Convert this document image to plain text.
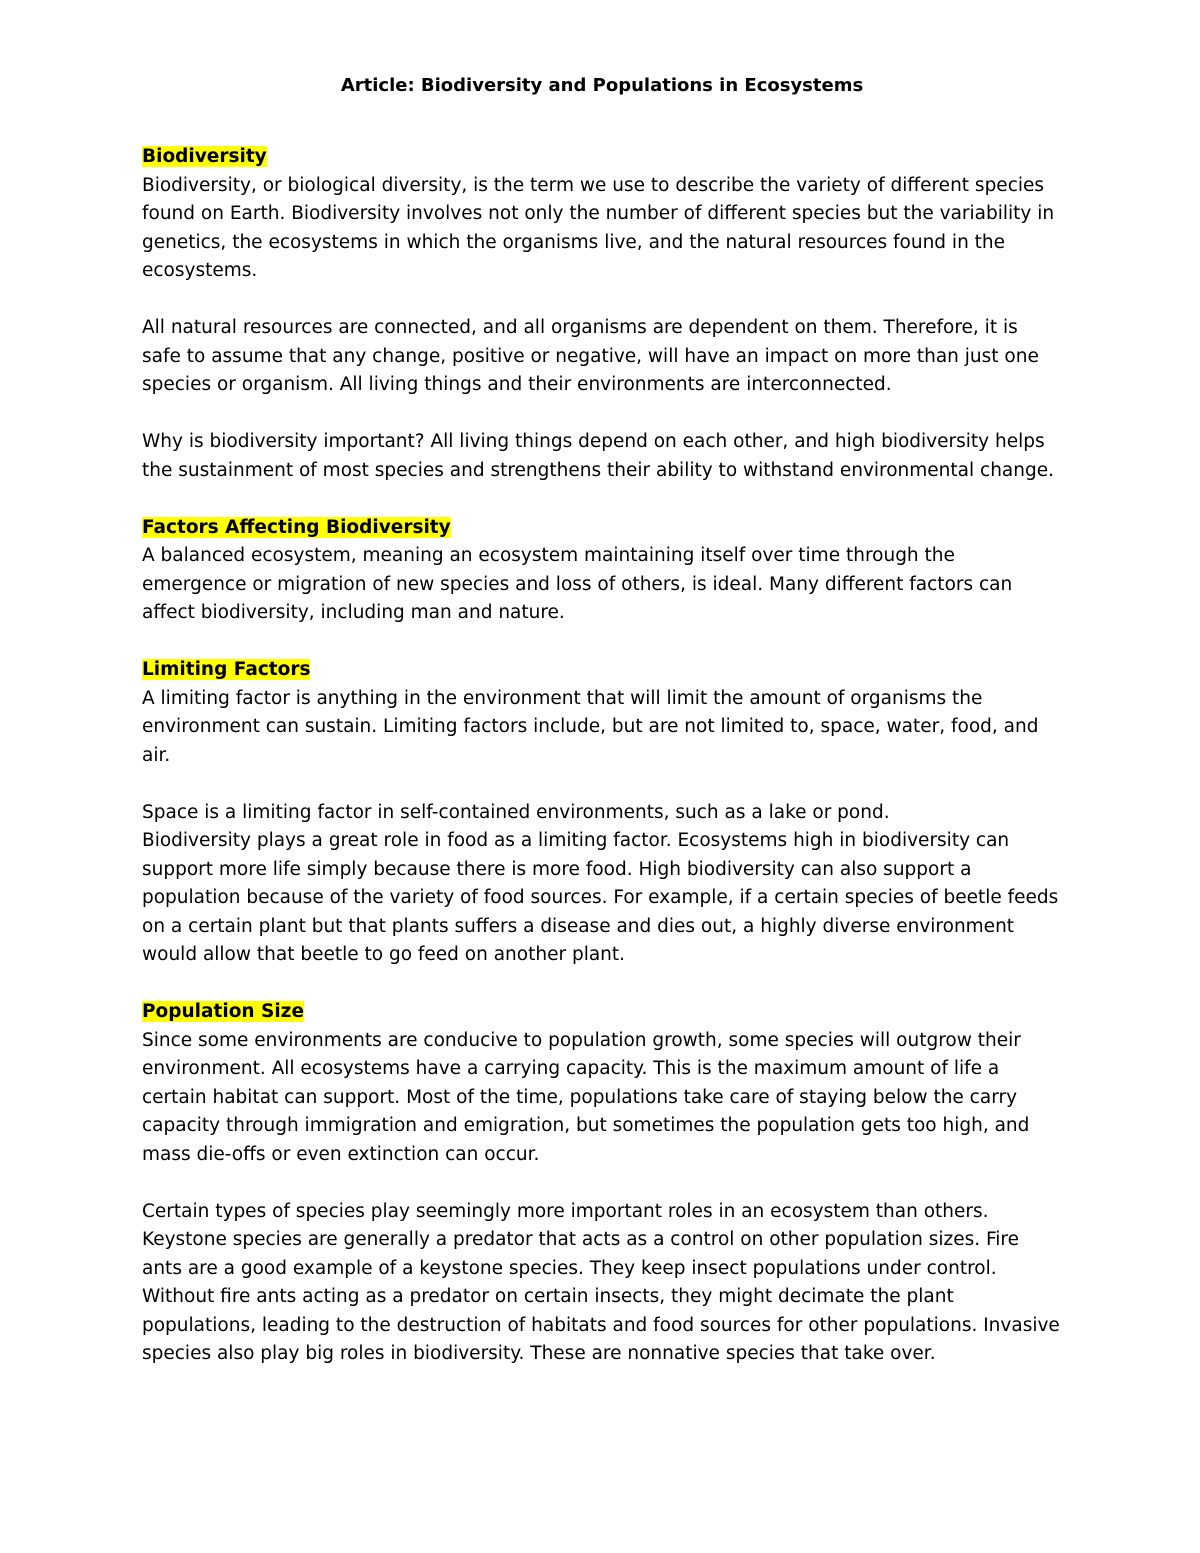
Article: Biodiversity and Populations in Ecosystems
Biodiversity

Biodiversity, or biological diversity, is the term we use to describe the variety of different species found on Earth. Biodiversity involves not only the number of different species but the variability in genetics, the ecosystems in which the organisms live, and the natural resources found in the ecosystems.

All natural resources are connected, and all organisms are dependent on them. Therefore, it is safe to assume that any change, positive or negative, will have an impact on more than just one species or organism. All living things and their environments are interconnected.

Why is biodiversity important? All living things depend on each other, and high biodiversity helps the sustainment of most species and strengthens their ability to withstand environmental change.

Factors Affecting Biodiversity

A balanced ecosystem, meaning an ecosystem maintaining itself over time through the emergence or migration of new species and loss of others, is ideal. Many different factors can affect biodiversity, including man and nature.

Limiting Factors

A limiting factor is anything in the environment that will limit the amount of organisms the environment can sustain. Limiting factors include, but are not limited to, space, water, food, and air.

Space is a limiting factor in self-contained environments, such as a lake or pond.

Biodiversity plays a great role in food as a limiting factor. Ecosystems high in biodiversity can support more life simply because there is more food. High biodiversity can also support a population because of the variety of food sources. For example, if a certain species of beetle feeds on a certain plant but that plants suffers a disease and dies out, a highly diverse environment would allow that beetle to go feed on another plant.

Population Size

Since some environments are conducive to population growth, some species will outgrow their environment. All ecosystems have a carrying capacity. This is the maximum amount of life a certain habitat can support. Most of the time, populations take care of staying below the carry capacity through immigration and emigration, but sometimes the population gets too high, and mass die-offs or even extinction can occur.

Certain types of species play seemingly more important roles in an ecosystem than others.

Keystone species are generally a predator that acts as a control on other population sizes. Fire ants are a good example of a keystone species. They keep insect populations under control. Without fire ants acting as a predator on certain insects, they might decimate the plant populations, leading to the destruction of habitats and food sources for other populations. Invasive species also play big roles in biodiversity. These are nonnative species that take over.
